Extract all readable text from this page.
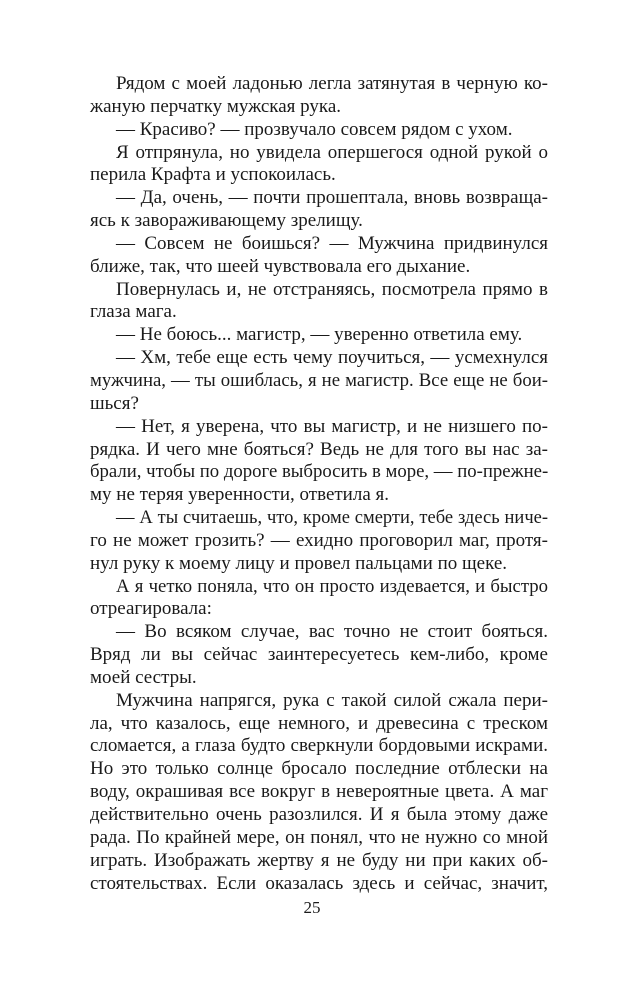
Рядом с моей ладонью легла затянутая в черную ко-
жаную перчатку мужская рука.
— Красиво? — прозвучало совсем рядом с ухом.
Я отпрянула, но увидела опершегося одной рукой о
перила Крафта и успокоилась.
— Да, очень, — почти прошептала, вновь возвраща-
ясь к завораживающему зрелищу.
— Совсем не боишься? — Мужчина придвинулся
ближе, так, что шеей чувствовала его дыхание.
Повернулась и, не отстраняясь, посмотрела прямо в
глаза мага.
— Не боюсь... магистр, — уверенно ответила ему.
— Хм, тебе еще есть чему поучиться, — усмехнулся
мужчина, — ты ошиблась, я не магистр. Все еще не бои-
шься?
— Нет, я уверена, что вы магистр, и не низшего по-
рядка. И чего мне бояться? Ведь не для того вы нас за-
брали, чтобы по дороге выбросить в море, — по-прежне-
му не теряя уверенности, ответила я.
— А ты считаешь, что, кроме смерти, тебе здесь ниче-
го не может грозить? — ехидно проговорил маг, протя-
нул руку к моему лицу и провел пальцами по щеке.
А я четко поняла, что он просто издевается, и быстро
отреагировала:
— Во всяком случае, вас точно не стоит бояться.
Вряд ли вы сейчас заинтересуетесь кем-либо, кроме
моей сестры.
Мужчина напрягся, рука с такой силой сжала пери-
ла, что казалось, еще немного, и древесина с треском
сломается, а глаза будто сверкнули бордовыми искрами.
Но это только солнце бросало последние отблески на
воду, окрашивая все вокруг в невероятные цвета. А маг
действительно очень разозлился. И я была этому даже
рада. По крайней мере, он понял, что не нужно со мной
играть. Изображать жертву я не буду ни при каких об-
стоятельствах. Если оказалась здесь и сейчас, значит,
25
